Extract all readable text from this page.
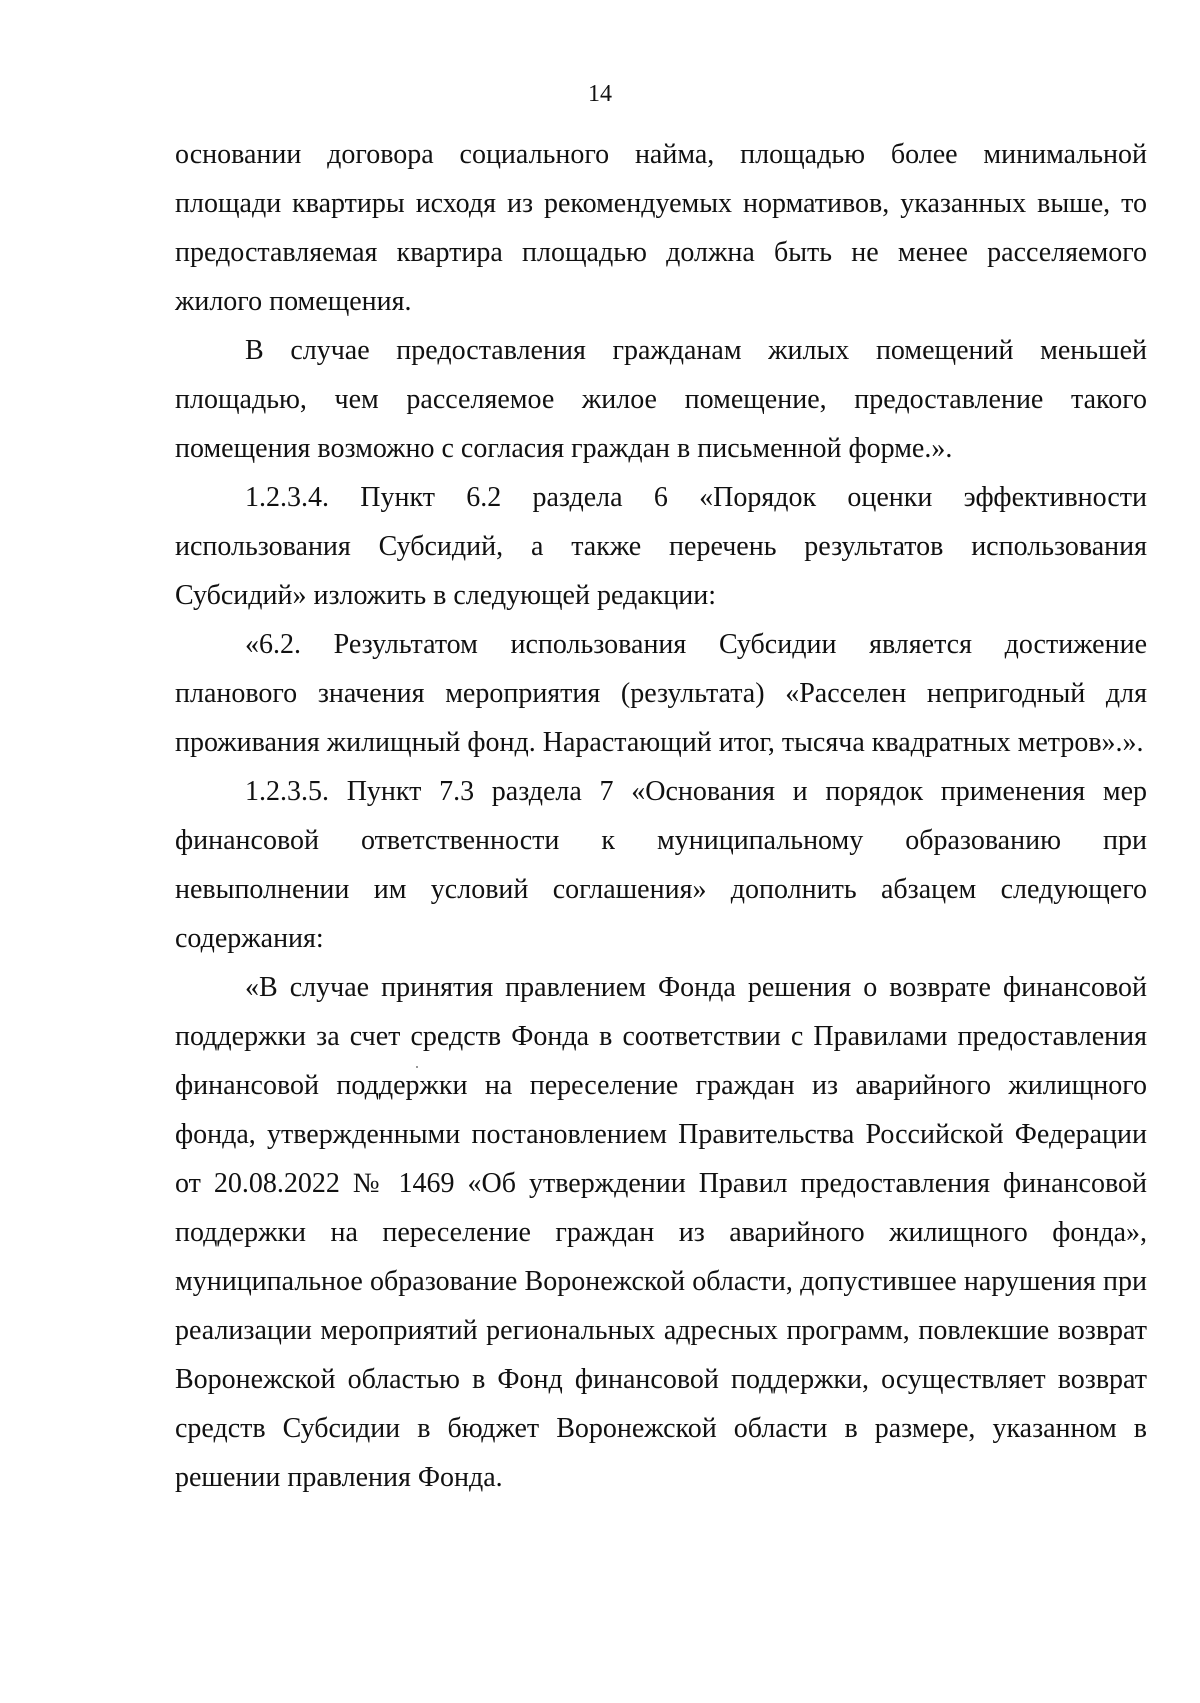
14

основании договора социального найма, площадью более минимальной площади квартиры исходя из рекомендуемых нормативов, указанных выше, то предоставляемая квартира площадью должна быть не менее расселяемого жилого помещения.

В случае предоставления гражданам жилых помещений меньшей площадью, чем расселяемое жилое помещение, предоставление такого помещения возможно с согласия граждан в письменной форме.».

1.2.3.4. Пункт 6.2 раздела 6 «Порядок оценки эффективности использования Субсидий, а также перечень результатов использования Субсидий» изложить в следующей редакции:

«6.2. Результатом использования Субсидии является достижение планового значения мероприятия (результата) «Расселен непригодный для проживания жилищный фонд. Нарастающий итог, тысяча квадратных метров».».

1.2.3.5. Пункт 7.3 раздела 7 «Основания и порядок применения мер финансовой ответственности к муниципальному образованию при невыполнении им условий соглашения» дополнить абзацем следующего содержания:

«В случае принятия правлением Фонда решения о возврате финансовой поддержки за счет средств Фонда в соответствии с Правилами предоставления финансовой поддержки на переселение граждан из аварийного жилищного фонда, утвержденными постановлением Правительства Российской Федерации от 20.08.2022 № 1469 «Об утверждении Правил предоставления финансовой поддержки на переселение граждан из аварийного жилищного фонда», муниципальное образование Воронежской области, допустившее нарушения при реализации мероприятий региональных адресных программ, повлекшие возврат Воронежской областью в Фонд финансовой поддержки, осуществляет возврат средств Субсидии в бюджет Воронежской области в размере, указанном в решении правления Фонда.
